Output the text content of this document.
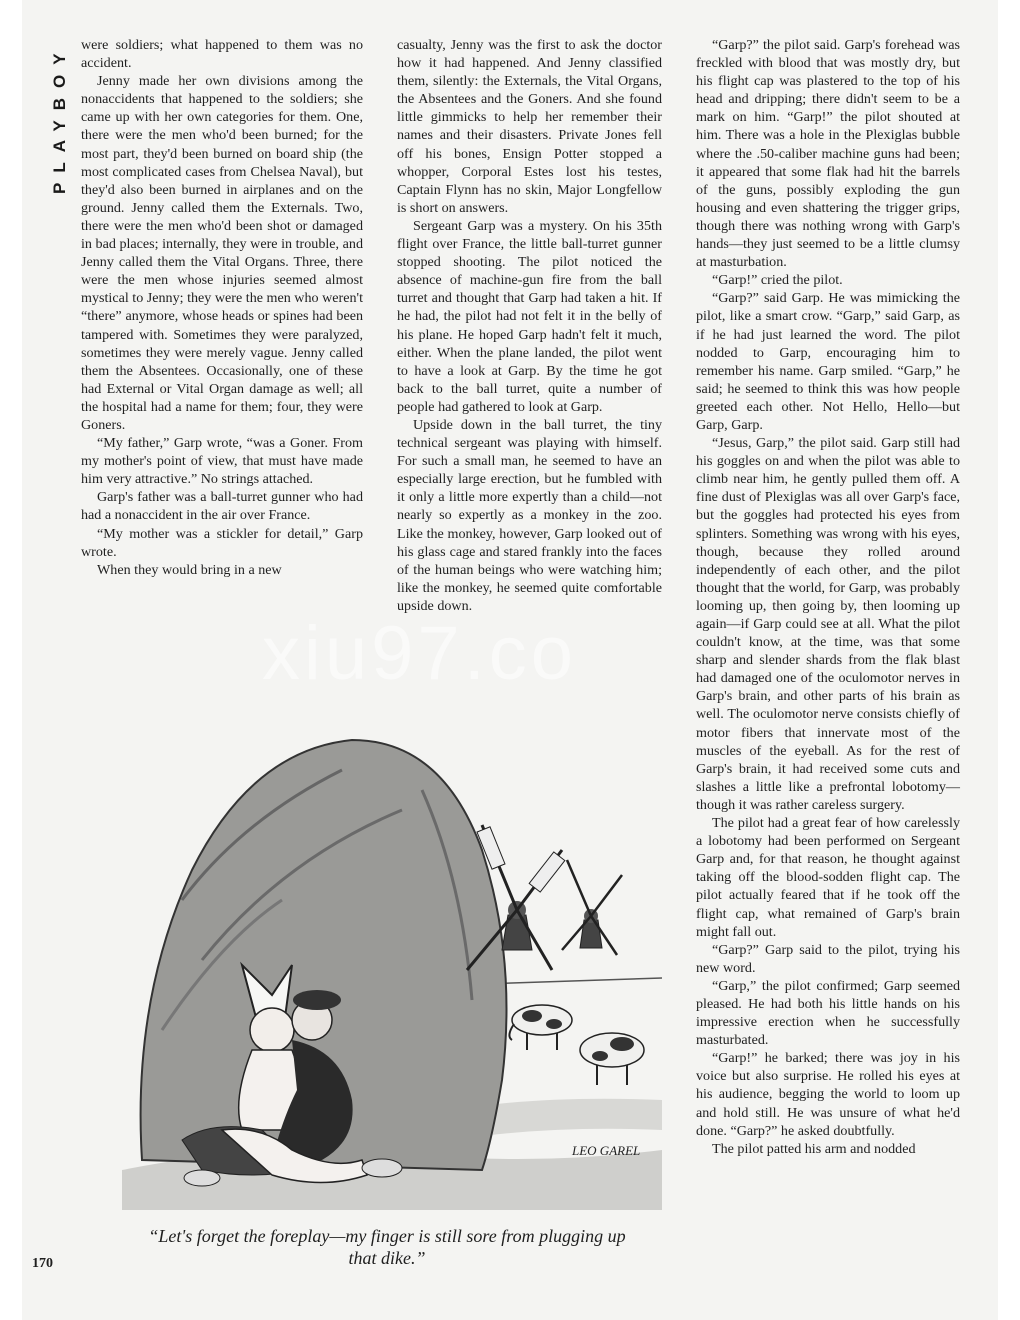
PLAYBOY were soldiers; what happened to them was no accident.

Jenny made her own divisions among the nonaccidents that happened to the soldiers; she came up with her own categories for them. One, there were the men who'd been burned; for the most part, they'd been burned on board ship (the most complicated cases from Chelsea Naval), but they'd also been burned in airplanes and on the ground. Jenny called them the Externals. Two, there were the men who'd been shot or damaged in bad places; internally, they were in trouble, and Jenny called them the Vital Organs. Three, there were the men whose injuries seemed almost mystical to Jenny; they were the men who weren't “there” anymore, whose heads or spines had been tampered with. Sometimes they were paralyzed, sometimes they were merely vague. Jenny called them the Absentees. Occasionally, one of these had External or Vital Organ damage as well; all the hospital had a name for them; four, they were Goners.

“My father,” Garp wrote, “was a Goner. From my mother's point of view, that must have made him very attractive.” No strings attached.

Garp's father was a ball-turret gunner who had had a nonaccident in the air over France.

“My mother was a stickler for detail,” Garp wrote.

When they would bring in a new

casualty, Jenny was the first to ask the doctor how it had happened. And Jenny classified them, silently: the Externals, the Vital Organs, the Absentees and the Goners. And she found little gimmicks to help her remember their names and their disasters. Private Jones fell off his bones, Ensign Potter stopped a whopper, Corporal Estes lost his testes, Captain Flynn has no skin, Major Longfellow is short on answers.

Sergeant Garp was a mystery. On his 35th flight over France, the little ball-turret gunner stopped shooting. The pilot noticed the absence of machine-gun fire from the ball turret and thought that Garp had taken a hit. If he had, the pilot had not felt it in the belly of his plane. He hoped Garp hadn't felt it much, either. When the plane landed, the pilot went to have a look at Garp. By the time he got back to the ball turret, quite a number of people had gathered to look at Garp.

Upside down in the ball turret, the tiny technical sergeant was playing with himself. For such a small man, he seemed to have an especially large erection, but he fumbled with it only a little more expertly than a child—not nearly so expertly as a monkey in the zoo. Like the monkey, however, Garp looked out of his glass cage and stared frankly into the faces of the human beings who were watching him; like the monkey, he seemed quite comfortable upside down.

“Garp?” the pilot said. Garp's forehead was freckled with blood that was mostly dry, but his flight cap was plastered to the top of his head and dripping; there didn't seem to be a mark on him. “Garp!” the pilot shouted at him. There was a hole in the Plexiglas bubble where the .50-caliber machine guns had been; it appeared that some flak had hit the barrels of the guns, possibly exploding the gun housing and even shattering the trigger grips, though there was nothing wrong with Garp's hands—they just seemed to be a little clumsy at masturbation.

“Garp!” cried the pilot.

“Garp?” said Garp. He was mimicking the pilot, like a smart crow. “Garp,” said Garp, as if he had just learned the word. The pilot nodded to Garp, encouraging him to remember his name. Garp smiled. “Garp,” he said; he seemed to think this was how people greeted each other. Not Hello, Hello—but Garp, Garp.

“Jesus, Garp,” the pilot said. Garp still had his goggles on and when the pilot was able to climb near him, he gently pulled them off. A fine dust of Plexiglas was all over Garp's face, but the goggles had protected his eyes from splinters. Something was wrong with his eyes, though, because they rolled around independently of each other, and the pilot thought that the world, for Garp, was probably looming up, then going by, then looming up again—if Garp could see at all. What the pilot couldn't know, at the time, was that some sharp and slender shards from the flak blast had damaged one of the oculomotor nerves in Garp's brain, and other parts of his brain as well. The oculomotor nerve consists chiefly of motor fibers that innervate most of the muscles of the eyeball. As for the rest of Garp's brain, it had received some cuts and slashes a little like a prefrontal lobotomy—though it was rather careless surgery.

The pilot had a great fear of how carelessly a lobotomy had been performed on Sergeant Garp and, for that reason, he thought against taking off the blood-sodden flight cap. The pilot actually feared that if he took off the flight cap, what remained of Garp's brain might fall out.

“Garp?” Garp said to the pilot, trying his new word.

“Garp,” the pilot confirmed; Garp seemed pleased. He had both his little hands on his impressive erection when he successfully masturbated.

“Garp!” he barked; there was joy in his voice but also surprise. He rolled his eyes at his audience, begging the world to loom up and hold still. He was unsure of what he'd done. “Garp?” he asked doubtfully.

The pilot patted his arm and nodded

xiu97.co
LEO GAREL
“Let's forget the foreplay—my finger is still sore from plugging up that dike.”
170
